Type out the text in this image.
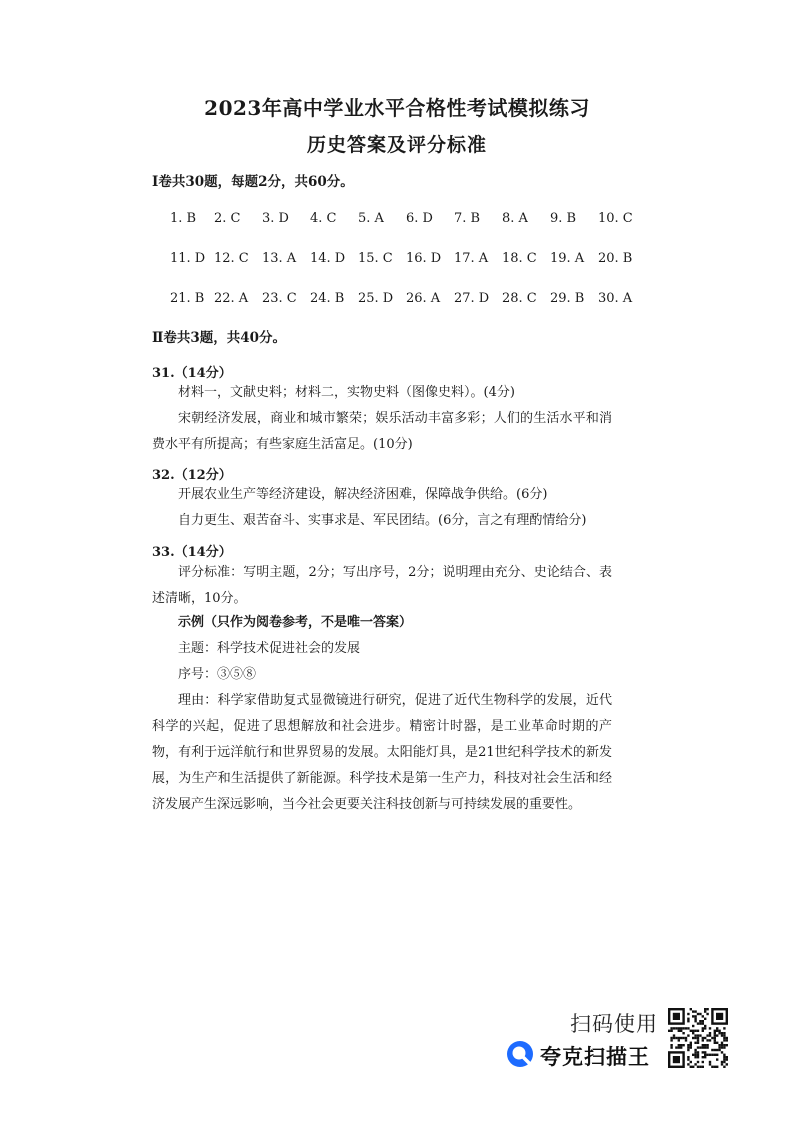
2023年高中学业水平合格性考试模拟练习
历史答案及评分标准
Ⅰ卷共30题，每题2分，共60分。
1. B 2. C 3. D 4. C 5. A 6. D 7. B 8. A 9. B 10. C
11. D 12. C 13. A 14. D 15. C 16. D 17. A 18. C 19. A 20. B
21. B 22. A 23. C 24. B 25. D 26. A 27. D 28. C 29. B 30. A
Ⅱ卷共3题，共40分。
31.（14分）
材料一，文献史料；材料二，实物史料（图像史料）。(4分)
宋朝经济发展，商业和城市繁荣；娱乐活动丰富多彩；人们的生活水平和消费水平有所提高；有些家庭生活富足。(10分)
32.（12分）
开展农业生产等经济建设，解决经济困难，保障战争供给。(6分)
自力更生、艰苦奋斗、实事求是、军民团结。(6分，言之有理酌情给分)
33.（14分）
评分标准：写明主题，2分；写出序号，2分；说明理由充分、史论结合、表述清晰，10分。
示例（只作为阅卷参考，不是唯一答案）
主题：科学技术促进社会的发展
序号：③⑤⑧
理由：科学家借助复式显微镜进行研究，促进了近代生物科学的发展，近代科学的兴起，促进了思想解放和社会进步。精密计时器，是工业革命时期的产物，有利于远洋航行和世界贸易的发展。太阳能灯具，是21世纪科学技术的新发展，为生产和生活提供了新能源。科学技术是第一生产力，科技对社会生活和经济发展产生深远影响，当今社会更要关注科技创新与可持续发展的重要性。
扫码使用
夸克扫描王
